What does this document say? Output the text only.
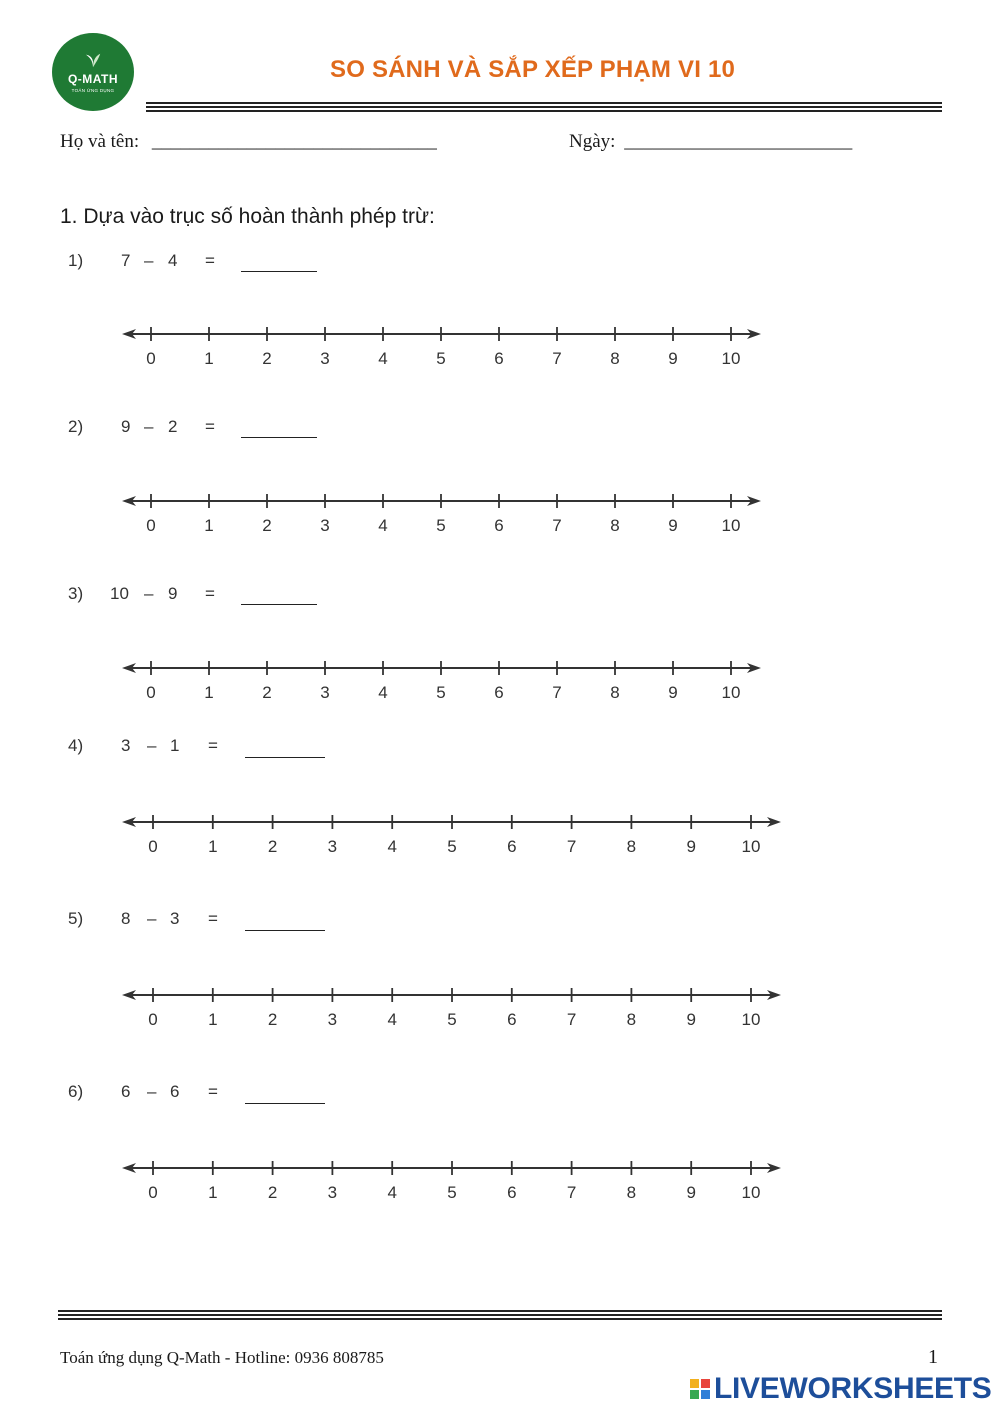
Q-MATH
TOÁN ỨNG DỤNG
SO SÁNH VÀ SẮP XẾP PHẠM VI 10
Họ và tên: ______________________________	Ngày: ________________________
1. Dựa vào trục số hoàn thành phép trừ:
1) 7 – 4 =
0	1	2	3	4	5	6	7	8	9	10
2) 9 – 2 =
0	1	2	3	4	5	6	7	8	9	10
3) 10 – 9 =
0	1	2	3	4	5	6	7	8	9	10
4) 3 – 1 =
0	1	2	3	4	5	6	7	8	9	10
5) 8 – 3 =
0	1	2	3	4	5	6	7	8	9	10
6) 6 – 6 =
0	1	2	3	4	5	6	7	8	9	10
Toán ứng dụng Q-Math - Hotline: 0936 808785	1
LIVEWORKSHEETS
